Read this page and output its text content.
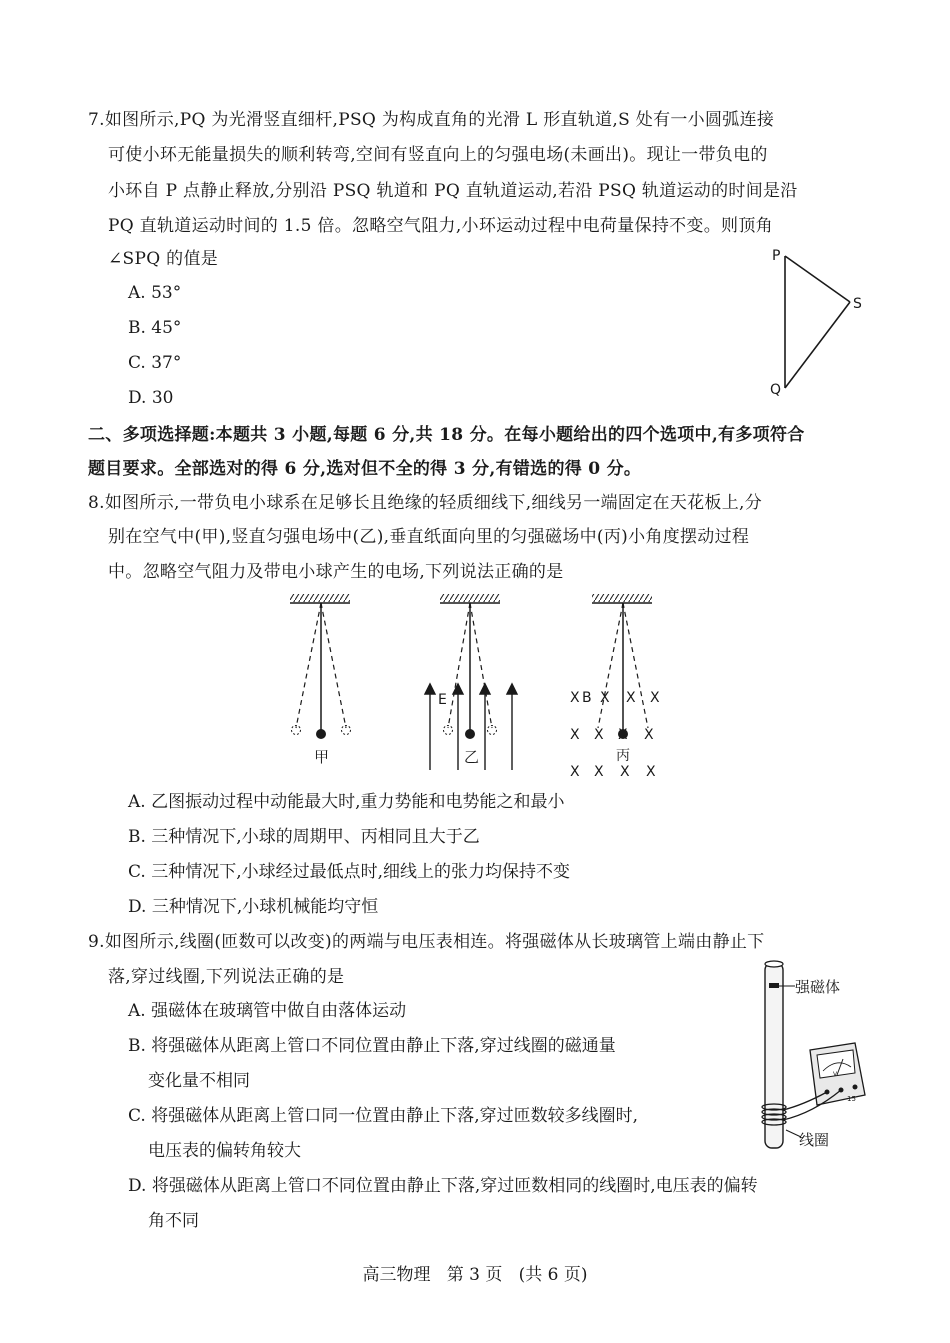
7.如图所示,PQ 为光滑竖直细杆,PSQ 为构成直角的光滑 L 形直轨道,S 处有一小圆弧连接
可使小环无能量损失的顺利转弯,空间有竖直向上的匀强电场(未画出)。现让一带负电的
小环自 P 点静止释放,分别沿 PSQ 轨道和 PQ 直轨道运动,若沿 PSQ 轨道运动的时间是沿
PQ 直轨道运动时间的 1.5 倍。忽略空气阻力,小环运动过程中电荷量保持不变。则顶角
∠SPQ 的值是
A. 53°
B. 45°
C. 37°
D. 30
P
S
Q
二、多项选择题:本题共 3 小题,每题 6 分,共 18 分。在每小题给出的四个选项中,有多项符合
题目要求。全部选对的得 6 分,选对但不全的得 3 分,有错选的得 0 分。
8.如图所示,一带负电小球系在足够长且绝缘的轻质细线下,细线另一端固定在天花板上,分
别在空气中(甲),竖直匀强电场中(乙),垂直纸面向里的匀强磁场中(丙)小角度摆动过程
中。忽略空气阻力及带电小球产生的电场,下列说法正确的是
甲
E
乙
X B X X X
X X X X
X X X X
丙
A. 乙图振动过程中动能最大时,重力势能和电势能之和最小
B. 三种情况下,小球的周期甲、丙相同且大于乙
C. 三种情况下,小球经过最低点时,细线上的张力均保持不变
D. 三种情况下,小球机械能均守恒
9.如图所示,线圈(匝数可以改变)的两端与电压表相连。将强磁体从长玻璃管上端由静止下
落,穿过线圈,下列说法正确的是
A. 强磁体在玻璃管中做自由落体运动
B. 将强磁体从距离上管口不同位置由静止下落,穿过线圈的磁通量
变化量不相同
C. 将强磁体从距离上管口同一位置由静止下落,穿过匝数较多线圈时,
电压表的偏转角较大
D. 将强磁体从距离上管口不同位置由静止下落,穿过匝数相同的线圈时,电压表的偏转
角不同
强磁体
线圈
V
15
高三物理   第 3 页   (共 6 页)
